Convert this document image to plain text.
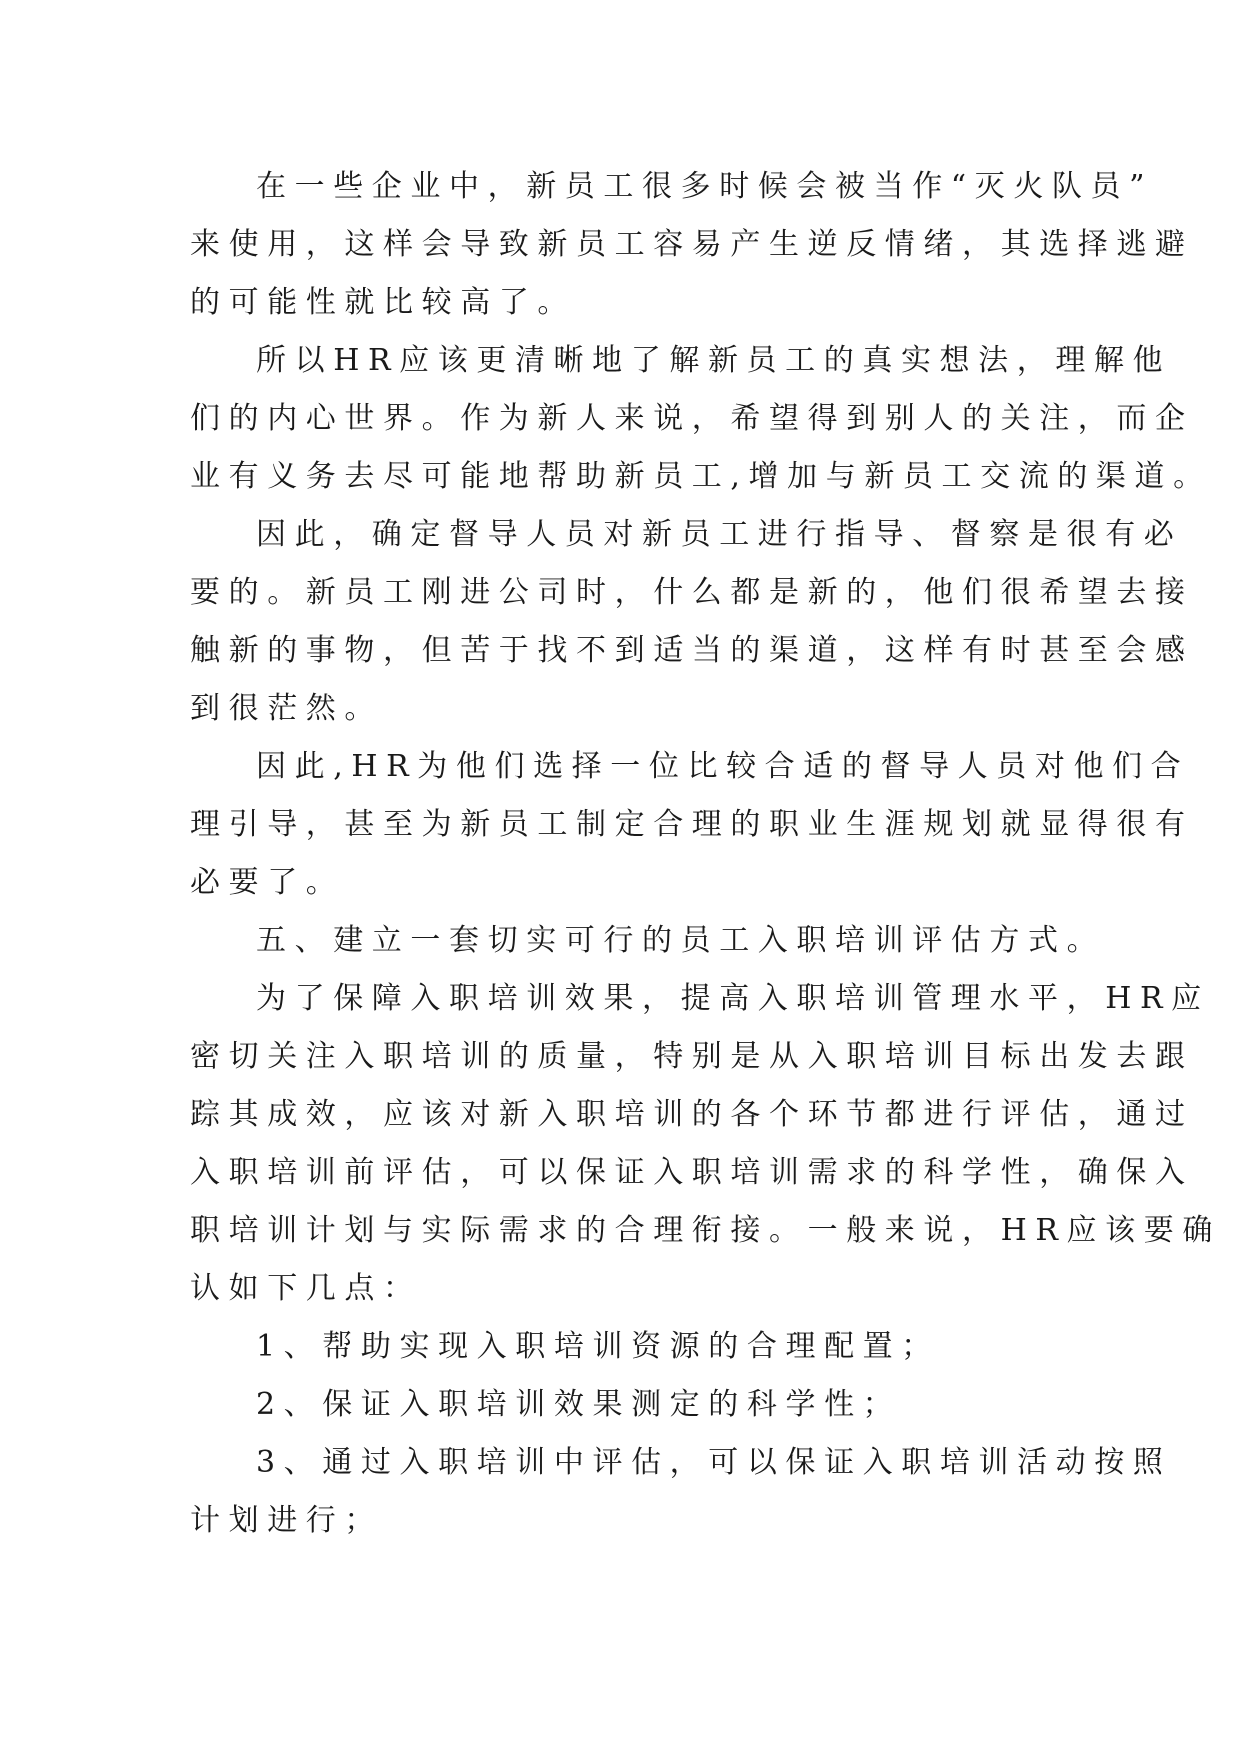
在一些企业中，新员工很多时候会被当作“灭火队员”
来使用，这样会导致新员工容易产生逆反情绪，其选择逃避
的可能性就比较高了。
所以HR应该更清晰地了解新员工的真实想法，理解他
们的内心世界。作为新人来说，希望得到别人的关注，而企
业有义务去尽可能地帮助新员工,增加与新员工交流的渠道。
因此，确定督导人员对新员工进行指导、督察是很有必
要的。新员工刚进公司时，什么都是新的，他们很希望去接
触新的事物，但苦于找不到适当的渠道，这样有时甚至会感
到很茫然。
因此,HR为他们选择一位比较合适的督导人员对他们合
理引导，甚至为新员工制定合理的职业生涯规划就显得很有
必要了。
五、建立一套切实可行的员工入职培训评估方式。
为了保障入职培训效果，提高入职培训管理水平，HR应
密切关注入职培训的质量，特别是从入职培训目标出发去跟
踪其成效，应该对新入职培训的各个环节都进行评估，通过
入职培训前评估，可以保证入职培训需求的科学性，确保入
职培训计划与实际需求的合理衔接。一般来说，HR应该要确
认如下几点：
1、帮助实现入职培训资源的合理配置；
2、保证入职培训效果测定的科学性；
3、通过入职培训中评估，可以保证入职培训活动按照
计划进行；
